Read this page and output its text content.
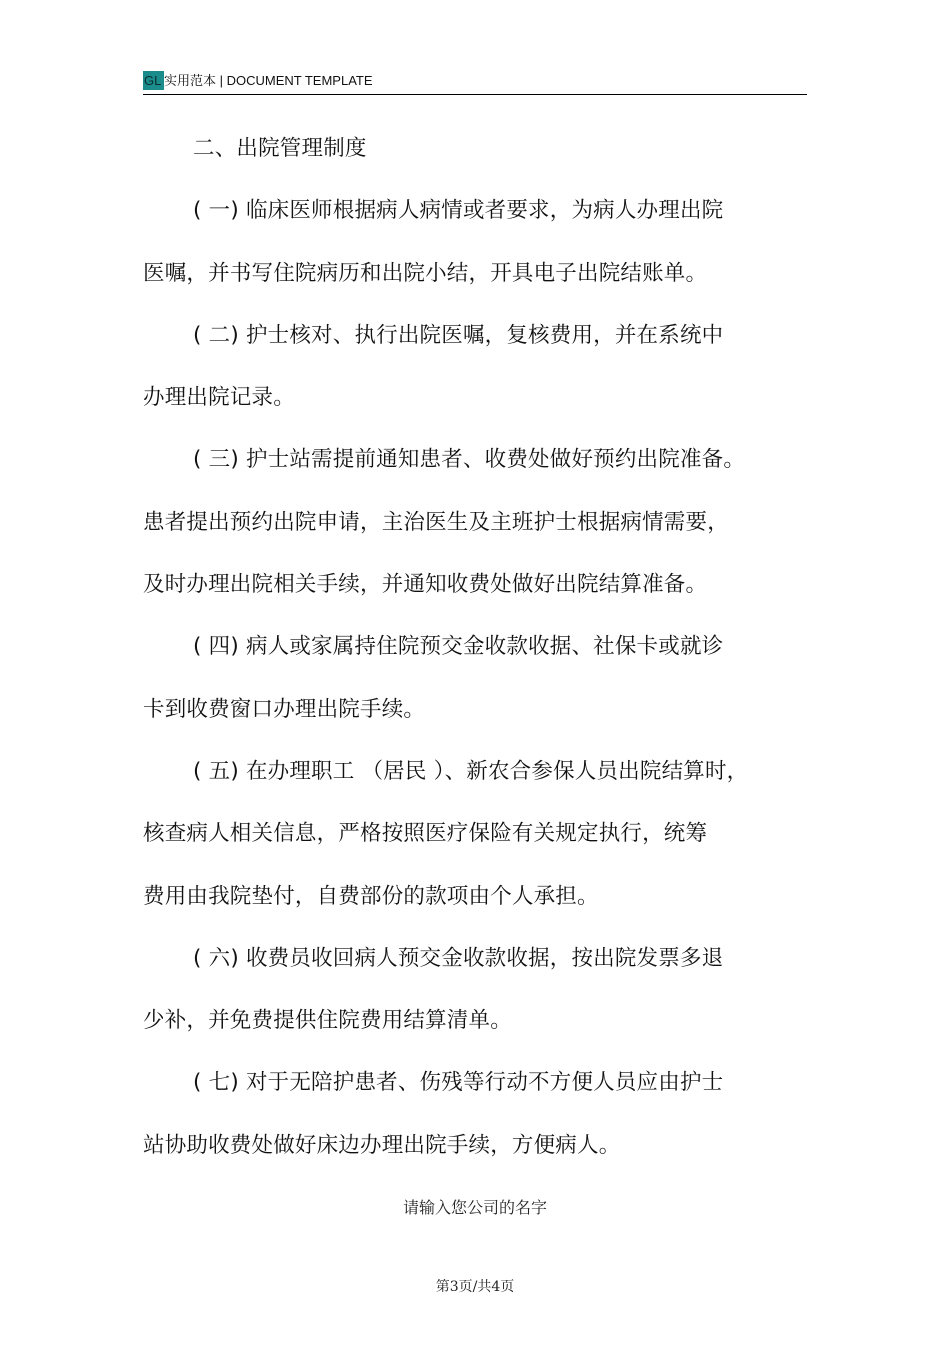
GL 实用范本 | DOCUMENT TEMPLATE
二、出院管理制度
( 一) 临床医师根据病人病情或者要求，为病人办理出院
医嘱，并书写住院病历和出院小结，开具电子出院结账单。
( 二) 护士核对、执行出院医嘱，复核费用，并在系统中
办理出院记录。
( 三) 护士站需提前通知患者、收费处做好预约出院准备。
患者提出预约出院申请，主治医生及主班护士根据病情需要，
及时办理出院相关手续，并通知收费处做好出院结算准备。
( 四) 病人或家属持住院预交金收款收据、社保卡或就诊
卡到收费窗口办理出院手续。
( 五) 在办理职工 （居民 ）、新农合参保人员出院结算时，
核查病人相关信息，严格按照医疗保险有关规定执行，统筹
费用由我院垫付，自费部份的款项由个人承担。
( 六) 收费员收回病人预交金收款收据，按出院发票多退
少补，并免费提供住院费用结算清单。
( 七) 对于无陪护患者、伤残等行动不方便人员应由护士
站协助收费处做好床边办理出院手续，方便病人。
请输入您公司的名字
第3页/共4页
